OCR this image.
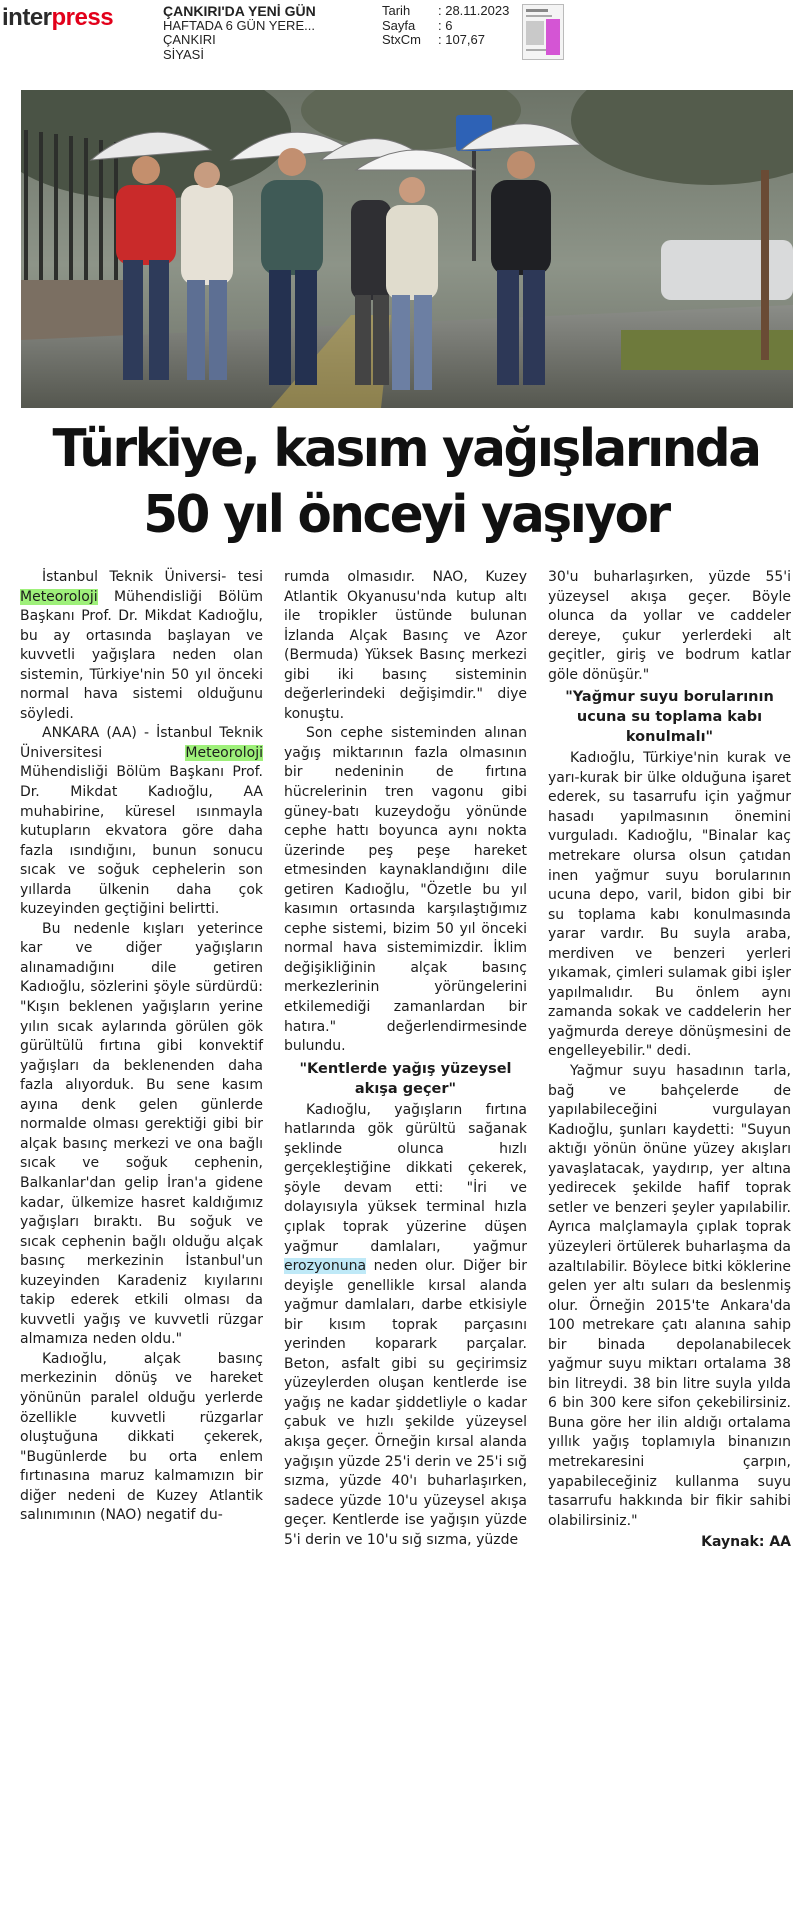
interpress	ÇANKIRI'DA YENİ GÜN
HAFTADA 6 GÜN YERE...
ÇANKIRI
SİYASİ
Tarih	: 28.11.2023
Sayfa	: 6
StxCm	: 107,67
Türkiye, kasım yağışlarında
50 yıl önceyi yaşıyor

İstanbul Teknik Üniversi- tesi Meteoroloji Mühendisliği Bölüm Başkanı Prof. Dr. Mikdat Kadıoğlu, bu ay ortasında başlayan ve kuvvetli yağışlara neden olan sistemin, Türkiye'nin 50 yıl önceki normal hava sistemi olduğunu söyledi.

ANKARA (AA) - İstanbul Teknik Üniversitesi	Meteoroloji Mühendisliği Bölüm Başkanı Prof. Dr. Mikdat Kadıoğlu, AA muhabirine, küresel ısınmayla kutupların ekvatora göre daha fazla ısındığını, bunun sonucu sıcak ve soğuk cephelerin son yıllarda ülkenin daha çok kuzeyinden geçtiğini belirtti.

Bu nedenle kışları yeterince kar ve diğer yağışların alınamadığını dile getiren Kadıoğlu, sözlerini şöyle sürdürdü: "Kışın beklenen yağışların yerine yılın sıcak aylarında görülen gök gürültülü fırtına gibi konvektif yağışları da beklenenden daha fazla alıyorduk. Bu sene kasım ayına denk gelen günlerde normalde olması gerektiği gibi bir alçak basınç merkezi ve ona bağlı sıcak ve soğuk cephenin, Balkanlar'dan gelip İran'a gidene kadar, ülkemize hasret kaldığımız yağışları bıraktı. Bu soğuk ve sıcak cephenin bağlı olduğu alçak basınç merkezinin İstanbul'un kuzeyinden Karadeniz kıyılarını takip ederek etkili olması da kuvvetli yağış ve kuvvetli rüzgar almamıza neden oldu."

Kadıoğlu, alçak basınç merkezinin dönüş ve hareket yönünün paralel olduğu yerlerde özellikle kuvvetli rüzgarlar oluştuğuna dikkati çekerek, "Bugünlerde bu orta enlem fırtınasına maruz kalmamızın bir diğer nedeni de Kuzey Atlantik salınımının (NAO) negatif du-

rumda olmasıdır. NAO, Kuzey Atlantik Okyanusu'nda kutup altı ile tropikler üstünde bulunan İzlanda Alçak Basınç ve Azor (Bermuda) Yüksek Basınç merkezi gibi iki basınç sisteminin değerlerindeki değişimdir." diye konuştu.

Son cephe sisteminden alınan yağış miktarının fazla olmasının bir nedeninin de fırtına hücrelerinin tren vagonu gibi güney-batı kuzeydoğu yönünde cephe hattı boyunca aynı nokta üzerinde peş peşe hareket etmesinden kaynaklandığını dile getiren Kadıoğlu, "Özetle bu yıl kasımın ortasında karşılaştığımız cephe sistemi, bizim 50 yıl önceki normal hava sistemimizdir. İklim değişikliğinin alçak basınç merkezlerinin yörüngelerini etkilemediği zamanlardan bir hatıra." değerlendirmesinde bulundu.

"Kentlerde yağış yüzeysel akışa geçer"

Kadıoğlu, yağışların fırtına hatlarında gök gürültü sağanak şeklinde olunca hızlı gerçekleştiğine dikkati çekerek, şöyle devam etti: "İri ve dolayısıyla yüksek terminal hızla çıplak toprak yüzerine düşen yağmur damlaları, yağmur erozyonuna neden olur. Diğer bir deyişle genellikle kırsal alanda yağmur damlaları, darbe etkisiyle bir kısım toprak parçasını yerinden koparark parçalar. Beton, asfalt gibi su geçirimsiz yüzeylerden oluşan kentlerde ise yağış ne kadar şiddetliyle o kadar çabuk ve hızlı şekilde yüzeysel akışa geçer. Örneğin kırsal alanda yağışın yüzde 25'i derin ve 25'i sığ sızma, yüzde 40'ı buharlaşırken, sadece yüzde 10'u yüzeysel akışa geçer. Kentlerde ise yağışın yüzde 5'i derin ve 10'u sığ sızma, yüzde

30'u buharlaşırken, yüzde 55'i yüzeysel akışa geçer. Böyle olunca da yollar ve caddeler dereye, çukur yerlerdeki alt geçitler, giriş ve bodrum katlar göle dönüşür."

"Yağmur suyu borularının ucuna su toplama kabı konulmalı"

Kadıoğlu, Türkiye'nin kurak ve yarı-kurak bir ülke olduğuna işaret ederek, su tasarrufu için yağmur hasadı yapılmasının önemini vurguladı. Kadıoğlu, "Binalar kaç metrekare olursa olsun çatıdan inen yağmur suyu borularının ucuna depo, varil, bidon gibi bir su toplama kabı konulmasında yarar vardır. Bu suyla araba, merdiven ve benzeri yerleri yıkamak, çimleri sulamak gibi işler yapılmalıdır. Bu önlem aynı zamanda sokak ve caddelerin her yağmurda dereye dönüşmesini de engelleyebilir." dedi.

Yağmur suyu hasadının tarla, bağ ve bahçelerde de yapılabileceğini vurgulayan Kadıoğlu, şunları kaydetti: "Suyun aktığı yönün önüne yüzey akışları yavaşlatacak, yaydırıp, yer altına yedirecek şekilde hafif toprak setler ve benzeri şeyler yapılabilir. Ayrıca malçlamayla çıplak toprak yüzeyleri örtülerek buharlaşma da azaltılabilir. Böylece bitki köklerine gelen yer altı suları da beslenmiş olur. Örneğin 2015'te Ankara'da 100 metrekare çatı alanına sahip bir binada depolanabilecek yağmur suyu miktarı ortalama 38 bin litreydi. 38 bin litre suyla yılda 6 bin 300 kere sifon çekebilirsiniz. Buna göre her ilin aldığı ortalama yıllık yağış toplamıyla binanızın metrekaresini çarpın, yapabileceğiniz kullanma suyu tasarrufu hakkında bir fikir sahibi olabilirsiniz."

Kaynak: AA
